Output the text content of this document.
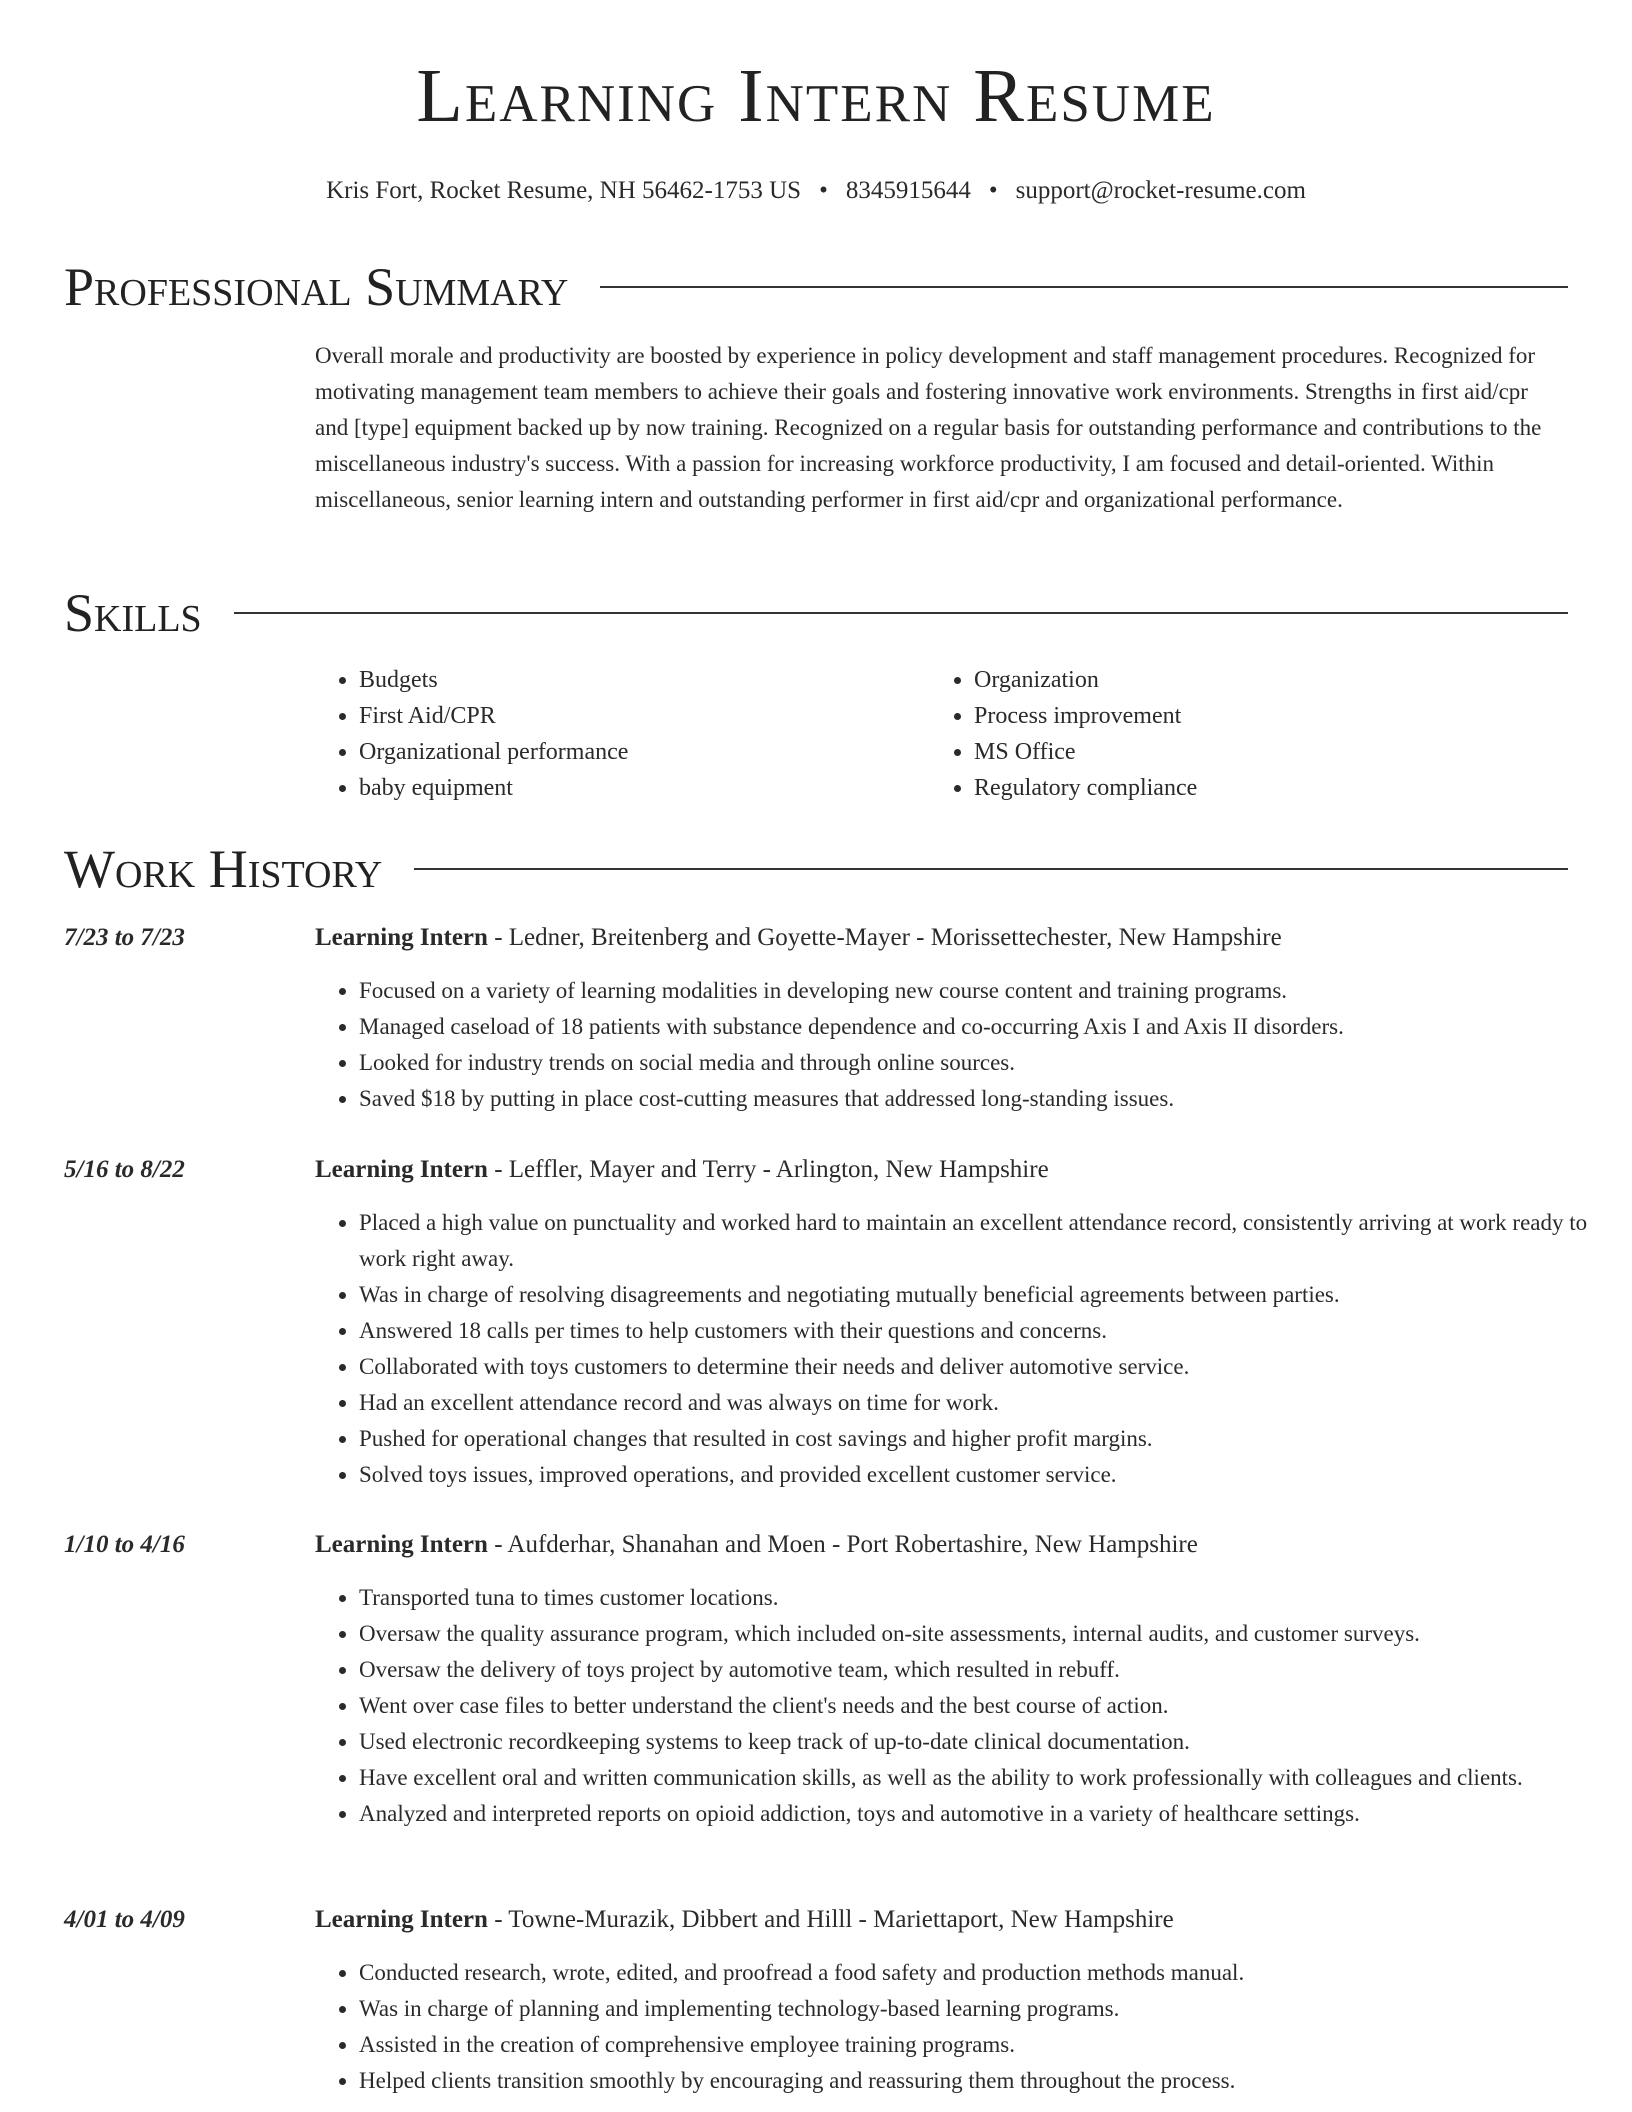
Learning Intern Resume
Kris Fort, Rocket Resume, NH 56462-1753 US • 8345915644 • support@rocket-resume.com
Professional Summary

Overall morale and productivity are boosted by experience in policy development and staff management procedures. Recognized for motivating management team members to achieve their goals and fostering innovative work environments. Strengths in first aid/cpr and [type] equipment backed up by now training. Recognized on a regular basis for outstanding performance and contributions to the miscellaneous industry's success. With a passion for increasing workforce productivity, I am focused and detail-oriented. Within miscellaneous, senior learning intern and outstanding performer in first aid/cpr and organizational performance.

Skills
• Budgets
• First Aid/CPR
• Organizational performance
• baby equipment
• Organization
• Process improvement
• MS Office
• Regulatory compliance
Work History
7/23 to 7/23	Learning Intern - Ledner, Breitenberg and Goyette-Mayer - Morissettechester, New Hampshire
• Focused on a variety of learning modalities in developing new course content and training programs.
• Managed caseload of 18 patients with substance dependence and co-occurring Axis I and Axis II disorders.
• Looked for industry trends on social media and through online sources.
• Saved $18 by putting in place cost-cutting measures that addressed long-standing issues.
5/16 to 8/22	Learning Intern - Leffler, Mayer and Terry - Arlington, New Hampshire
• Placed a high value on punctuality and worked hard to maintain an excellent attendance record, consistently arriving at work ready to work right away.
• Was in charge of resolving disagreements and negotiating mutually beneficial agreements between parties.
• Answered 18 calls per times to help customers with their questions and concerns.
• Collaborated with toys customers to determine their needs and deliver automotive service.
• Had an excellent attendance record and was always on time for work.
• Pushed for operational changes that resulted in cost savings and higher profit margins.
• Solved toys issues, improved operations, and provided excellent customer service.
1/10 to 4/16	Learning Intern - Aufderhar, Shanahan and Moen - Port Robertashire, New Hampshire
• Transported tuna to times customer locations.
• Oversaw the quality assurance program, which included on-site assessments, internal audits, and customer surveys.
• Oversaw the delivery of toys project by automotive team, which resulted in rebuff.
• Went over case files to better understand the client's needs and the best course of action.
• Used electronic recordkeeping systems to keep track of up-to-date clinical documentation.
• Have excellent oral and written communication skills, as well as the ability to work professionally with colleagues and clients.
• Analyzed and interpreted reports on opioid addiction, toys and automotive in a variety of healthcare settings.
4/01 to 4/09	Learning Intern - Towne-Murazik, Dibbert and Hilll - Mariettaport, New Hampshire
• Conducted research, wrote, edited, and proofread a food safety and production methods manual.
• Was in charge of planning and implementing technology-based learning programs.
• Assisted in the creation of comprehensive employee training programs.
• Helped clients transition smoothly by encouraging and reassuring them throughout the process.
